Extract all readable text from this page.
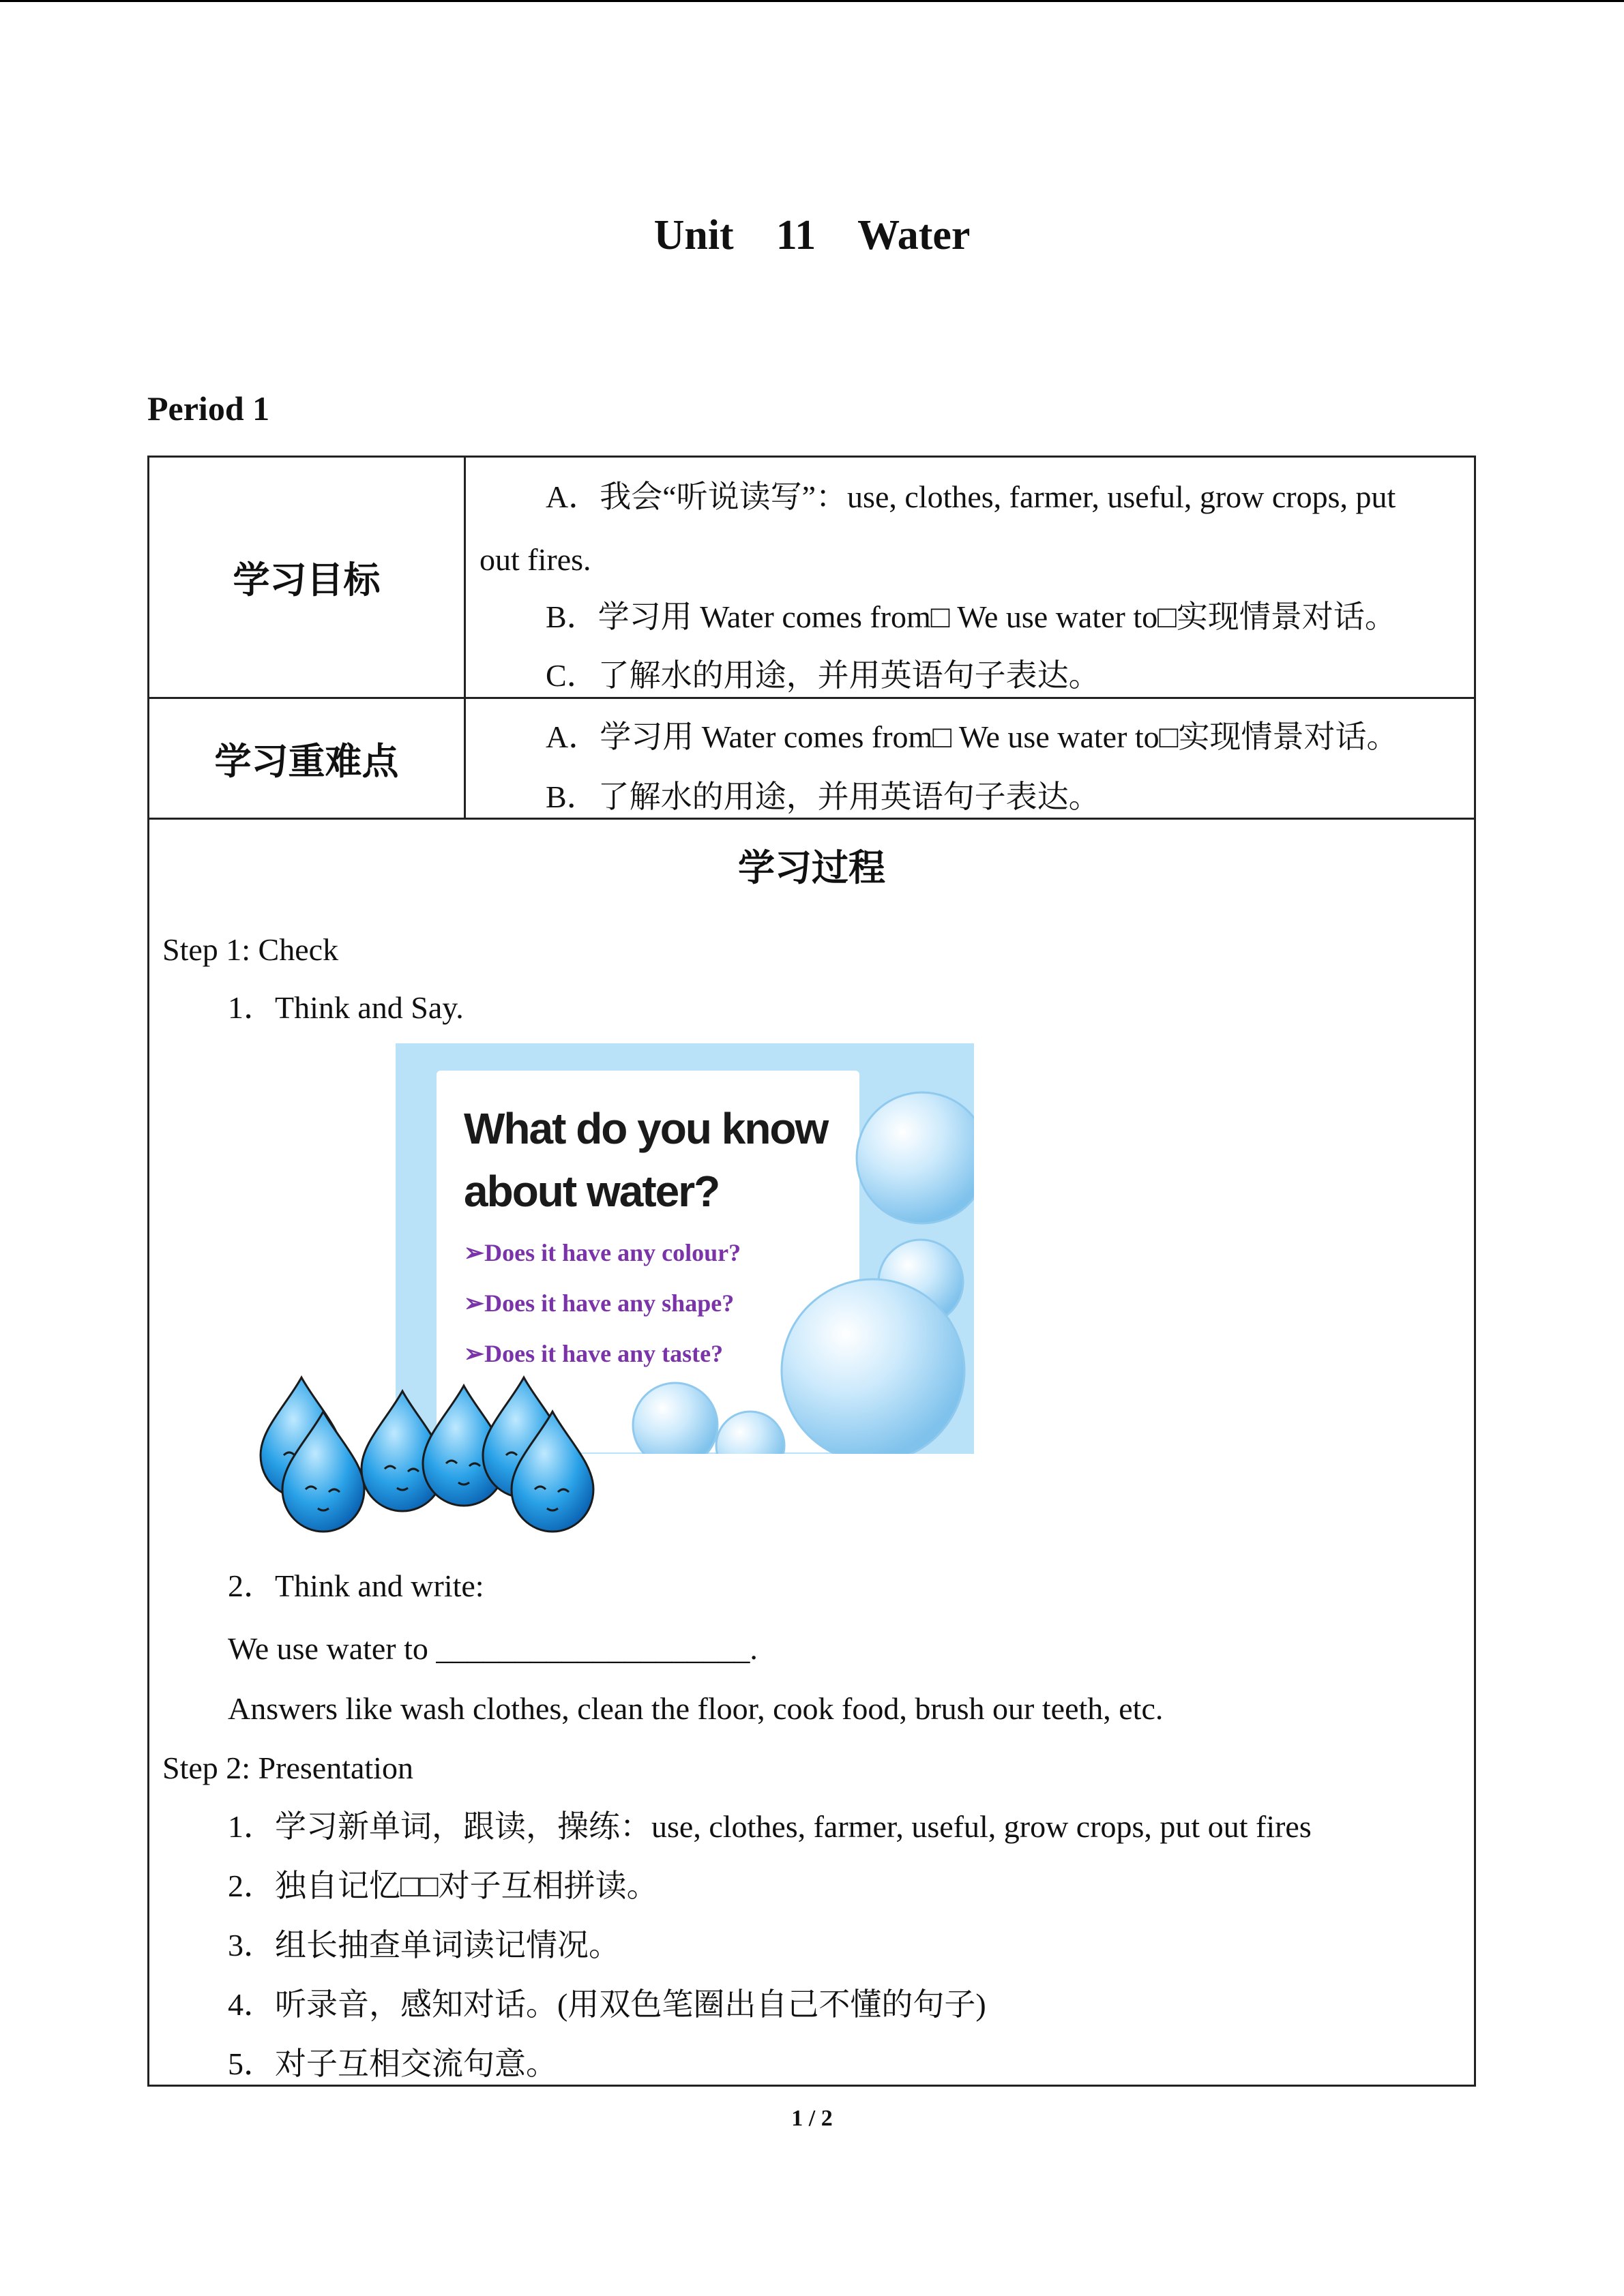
Unit    11    Water
Period 1
学习目标
A．我会“听说读写”：use, clothes, farmer, useful, grow crops, put
out fires.
B．学习用 Water comes from□ We use water to□实现情景对话。
C．了解水的用途，并用英语句子表达。
学习重难点
A．学习用 Water comes from□ We use water to□实现情景对话。
B．了解水的用途，并用英语句子表达。
学习过程
Step 1: Check
1．Think and Say.
What do you know
about water?
➢Does it have any colour?
➢Does it have any shape?
➢Does it have any taste?
2．Think and write:
We use water to ____________________.
Answers like wash clothes, clean the floor, cook food, brush our teeth, etc.
Step 2: Presentation
1．学习新单词，跟读，操练：use, clothes, farmer, useful, grow crops, put out fires
2．独自记忆□□对子互相拼读。
3．组长抽查单词读记情况。
4．听录音，感知对话。(用双色笔圈出自己不懂的句子)
5．对子互相交流句意。
1 / 2
